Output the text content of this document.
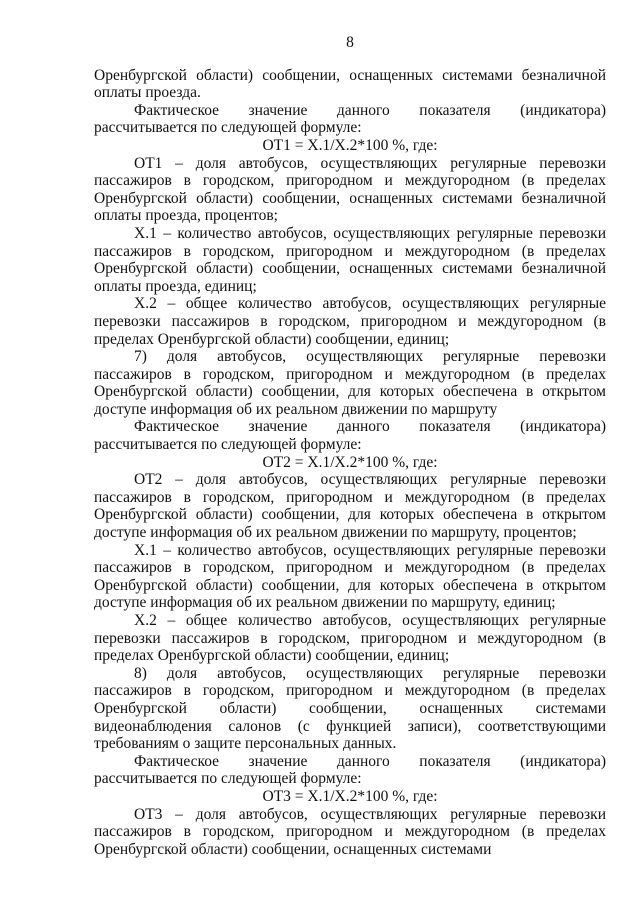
8

Оренбургской области) сообщении, оснащенных системами безналичной оплаты проезда.

Фактическое значение данного показателя (индикатора) рассчитывается по следующей формуле:

ОТ1 = Х.1/Х.2*100 %, где:

ОТ1 – доля автобусов, осуществляющих регулярные перевозки пассажиров в городском, пригородном и междугородном (в пределах Оренбургской области) сообщении, оснащенных системами безналичной оплаты проезда, процентов;

Х.1 – количество автобусов, осуществляющих регулярные перевозки пассажиров в городском, пригородном и междугородном (в пределах Оренбургской области) сообщении, оснащенных системами безналичной оплаты проезда, единиц;

Х.2 – общее количество автобусов, осуществляющих регулярные перевозки пассажиров в городском, пригородном и междугородном (в пределах Оренбургской области) сообщении, единиц;

7) доля автобусов, осуществляющих регулярные перевозки пассажиров в городском, пригородном и междугородном (в пределах Оренбургской области) сообщении, для которых обеспечена в открытом доступе информация об их реальном движении по маршруту

Фактическое значение данного показателя (индикатора) рассчитывается по следующей формуле:

ОТ2 = Х.1/Х.2*100 %, где:

ОТ2 – доля автобусов, осуществляющих регулярные перевозки пассажиров в городском, пригородном и междугородном (в пределах Оренбургской области) сообщении, для которых обеспечена в открытом доступе информация об их реальном движении по маршруту, процентов;

Х.1 – количество автобусов, осуществляющих регулярные перевозки пассажиров в городском, пригородном и междугородном (в пределах Оренбургской области) сообщении, для которых обеспечена в открытом доступе информация об их реальном движении по маршруту, единиц;

Х.2 – общее количество автобусов, осуществляющих регулярные перевозки пассажиров в городском, пригородном и междугородном (в пределах Оренбургской области) сообщении, единиц;

8) доля автобусов, осуществляющих регулярные перевозки пассажиров в городском, пригородном и междугородном (в пределах Оренбургской области) сообщении, оснащенных системами видеонаблюдения салонов (с функцией записи), соответствующими требованиям о защите персональных данных.

Фактическое значение данного показателя (индикатора) рассчитывается по следующей формуле:

ОТ3 = Х.1/Х.2*100 %, где:

ОТ3 – доля автобусов, осуществляющих регулярные перевозки пассажиров в городском, пригородном и междугородном (в пределах Оренбургской области) сообщении, оснащенных системами
